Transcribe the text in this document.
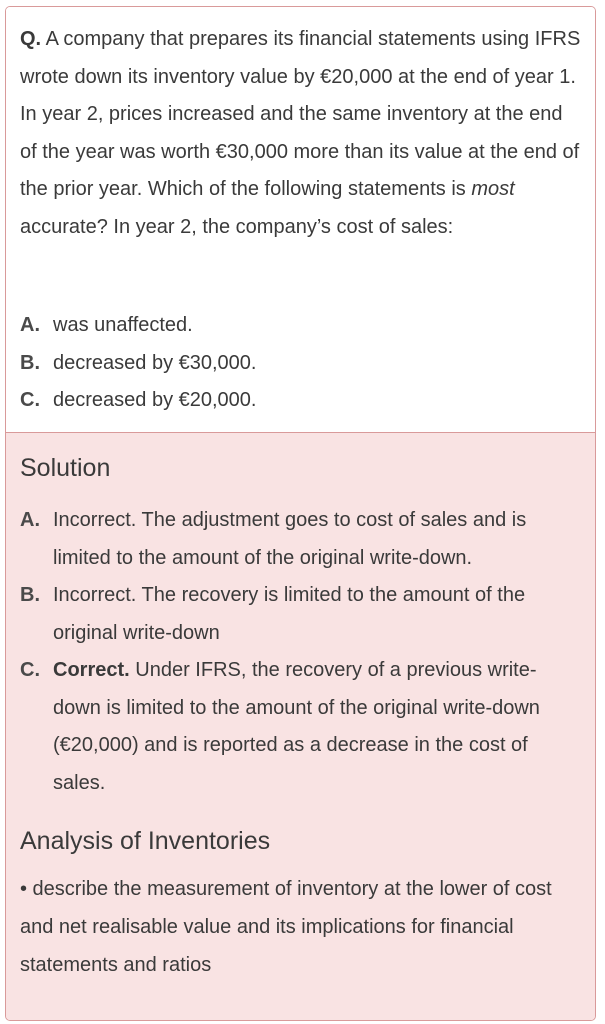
Q. A company that prepares its financial statements using IFRS wrote down its inventory value by €20,000 at the end of year 1. In year 2, prices increased and the same inventory at the end of the year was worth €30,000 more than its value at the end of the prior year. Which of the following statements is most accurate? In year 2, the company’s cost of sales:
A. was unaffected.
B. decreased by €30,000.
C. decreased by €20,000.
Solution
A. Incorrect. The adjustment goes to cost of sales and is limited to the amount of the original write-down.
B. Incorrect. The recovery is limited to the amount of the original write-down
C. Correct. Under IFRS, the recovery of a previous write-down is limited to the amount of the original write-down (€20,000) and is reported as a decrease in the cost of sales.
Analysis of Inventories
• describe the measurement of inventory at the lower of cost and net realisable value and its implications for financial statements and ratios
